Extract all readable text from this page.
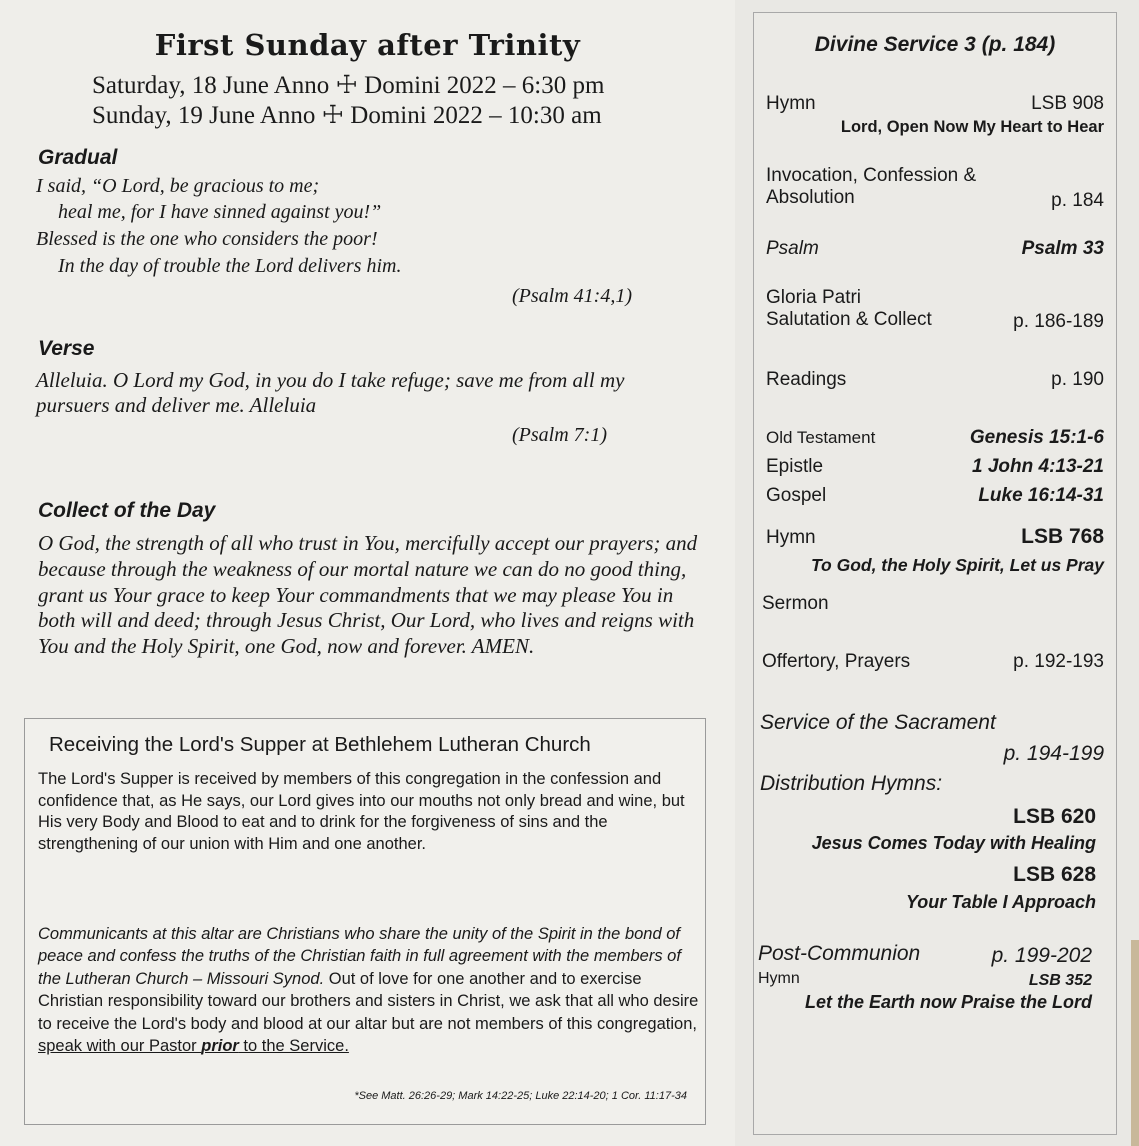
First Sunday after Trinity
Saturday, 18 June Anno ☩ Domini 2022 – 6:30 pm
Sunday, 19 June Anno ☩ Domini 2022 – 10:30 am
Gradual
I said, “O Lord, be gracious to me;
heal me, for I have sinned against you!”
Blessed is the one who considers the poor!
In the day of trouble the Lord delivers him.
(Psalm 41:4,1)
Verse
Alleluia. O Lord my God, in you do I take refuge; save me from all my
pursuers and deliver me. Alleluia
(Psalm 7:1)
Collect of the Day
O God, the strength of all who trust in You, mercifully accept our prayers; and because through the weakness of our mortal nature we can do no good thing, grant us Your grace to keep Your commandments that we may please You in both will and deed; through Jesus Christ, Our Lord, who lives and reigns with You and the Holy Spirit, one God, now and forever. AMEN.
Receiving the Lord's Supper at Bethlehem Lutheran Church
The Lord's Supper is received by members of this congregation in the confession and confidence that, as He says, our Lord gives into our mouths not only bread and wine, but His very Body and Blood to eat and to drink for the forgiveness of sins and the strengthening of our union with Him and one another.
Communicants at this altar are Christians who share the unity of the Spirit in the bond of peace and confess the truths of the Christian faith in full agreement with the members of the Lutheran Church – Missouri Synod. Out of love for one another and to exercise Christian responsibility toward our brothers and sisters in Christ, we ask that all who desire to receive the Lord's body and blood at our altar but are not members of this congregation, speak with our Pastor prior to the Service.
*See Matt. 26:26-29; Mark 14:22-25; Luke 22:14-20; 1 Cor. 11:17-34
Divine Service 3 (p. 184)
Hymn	LSB 908
Lord, Open Now My Heart to Hear
Invocation, Confession &
Absolution	p. 184
Psalm	Psalm 33
Gloria Patri
Salutation & Collect	p. 186-189
Readings	p. 190
Old Testament	Genesis 15:1-6
Epistle	1 John 4:13-21
Gospel	Luke 16:14-31
Hymn	LSB 768
To God, the Holy Spirit, Let us Pray
Sermon
Offertory, Prayers	p. 192-193
Service of the Sacrament
p. 194-199
Distribution Hymns:
LSB 620
Jesus Comes Today with Healing
LSB 628
Your Table I Approach
Post-Communion	p. 199-202
Hymn	LSB 352
Let the Earth now Praise the Lord
